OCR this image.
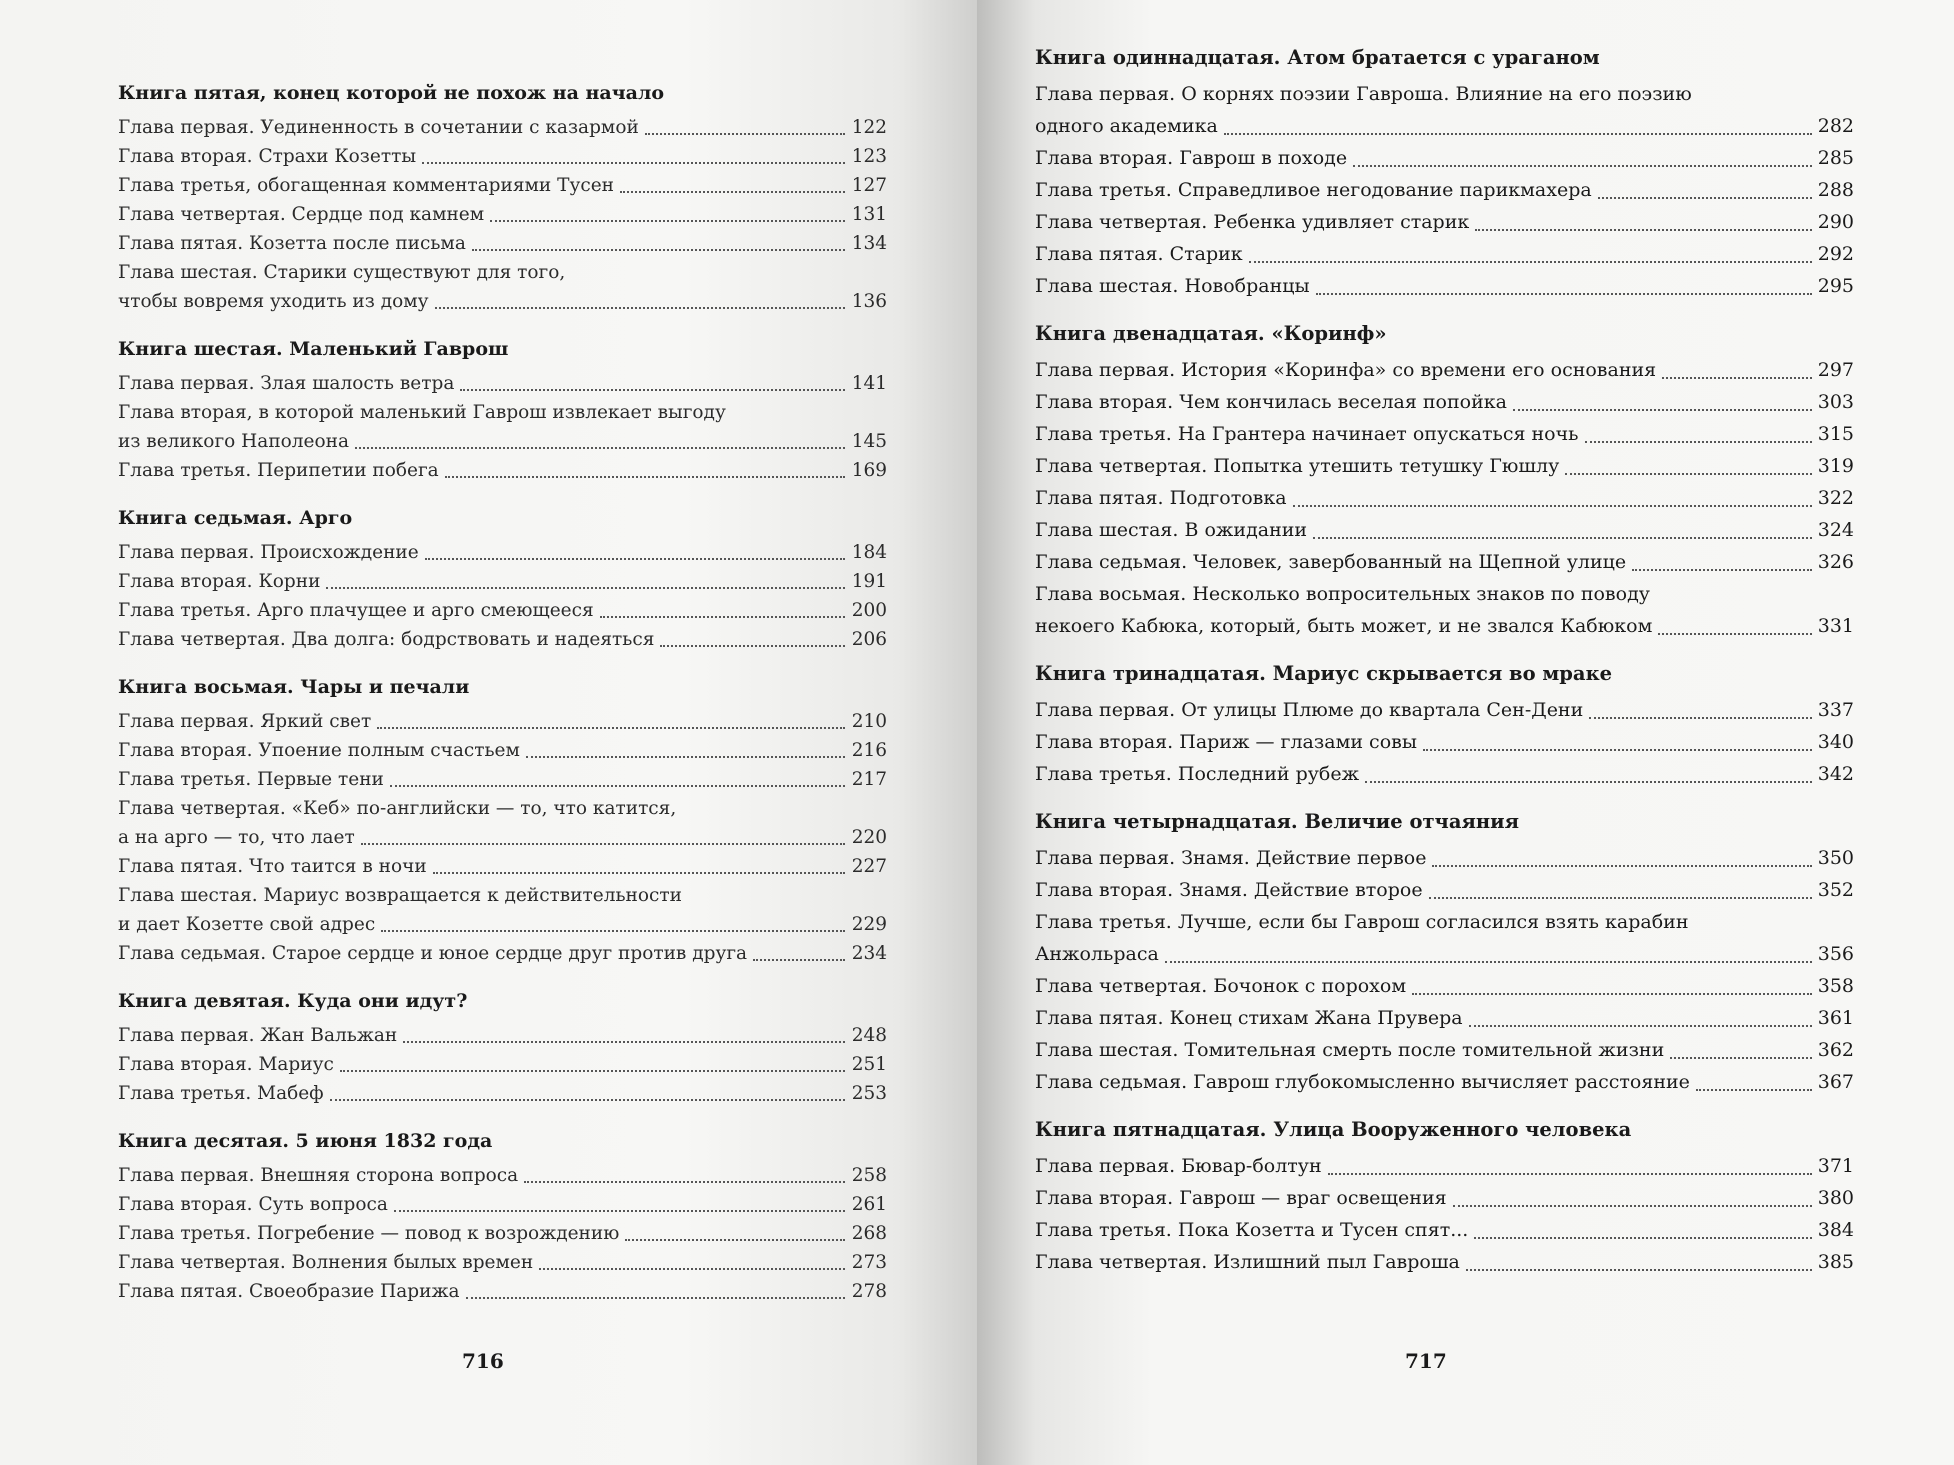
Книга пятая, конец которой не похож на начало
Глава первая. Уединенность в сочетании с казармой	122
Глава вторая. Страхи Козетты	123
Глава третья, обогащенная комментариями Тусен	127
Глава четвертая. Сердце под камнем	131
Глава пятая. Козетта после письма	134
Глава шестая. Старики существуют для того,
чтобы вовремя уходить из дому	136
Книга шестая. Маленький Гаврош
Глава первая. Злая шалость ветра	141
Глава вторая, в которой маленький Гаврош извлекает выгоду
из великого Наполеона	145
Глава третья. Перипетии побега	169
Книга седьмая. Арго
Глава первая. Происхождение	184
Глава вторая. Корни	191
Глава третья. Арго плачущее и арго смеющееся	200
Глава четвертая. Два долга: бодрствовать и надеяться	206
Книга восьмая. Чары и печали
Глава первая. Яркий свет	210
Глава вторая. Упоение полным счастьем	216
Глава третья. Первые тени	217
Глава четвертая. «Кеб» по-английски — то, что катится,
а на арго — то, что лает	220
Глава пятая. Что таится в ночи	227
Глава шестая. Мариус возвращается к действительности
и дает Козетте свой адрес	229
Глава седьмая. Старое сердце и юное сердце друг против друга	234
Книга девятая. Куда они идут?
Глава первая. Жан Вальжан	248
Глава вторая. Мариус	251
Глава третья. Мабеф	253
Книга десятая. 5 июня 1832 года
Глава первая. Внешняя сторона вопроса	258
Глава вторая. Суть вопроса	261
Глава третья. Погребение — повод к возрождению	268
Глава четвертая. Волнения былых времен	273
Глава пятая. Своеобразие Парижа	278
716
Книга одиннадцатая. Атом братается с ураганом
Глава первая. О корнях поэзии Гавроша. Влияние на его поэзию
одного академика	282
Глава вторая. Гаврош в походе	285
Глава третья. Справедливое негодование парикмахера	288
Глава четвертая. Ребенка удивляет старик	290
Глава пятая. Старик	292
Глава шестая. Новобранцы	295
Книга двенадцатая. «Коринф»
Глава первая. История «Коринфа» со времени его основания	297
Глава вторая. Чем кончилась веселая попойка	303
Глава третья. На Грантера начинает опускаться ночь	315
Глава четвертая. Попытка утешить тетушку Гюшлу	319
Глава пятая. Подготовка	322
Глава шестая. В ожидании	324
Глава седьмая. Человек, завербованный на Щепной улице	326
Глава восьмая. Несколько вопросительных знаков по поводу
некоего Кабюка, который, быть может, и не звался Кабюком	331
Книга тринадцатая. Мариус скрывается во мраке
Глава первая. От улицы Плюме до квартала Сен-Дени	337
Глава вторая. Париж — глазами совы	340
Глава третья. Последний рубеж	342
Книга четырнадцатая. Величие отчаяния
Глава первая. Знамя. Действие первое	350
Глава вторая. Знамя. Действие второе	352
Глава третья. Лучше, если бы Гаврош согласился взять карабин
Анжольраса	356
Глава четвертая. Бочонок с порохом	358
Глава пятая. Конец стихам Жана Прувера	361
Глава шестая. Томительная смерть после томительной жизни	362
Глава седьмая. Гаврош глубокомысленно вычисляет расстояние	367
Книга пятнадцатая. Улица Вооруженного человека
Глава первая. Бювар-болтун	371
Глава вторая. Гаврош — враг освещения	380
Глава третья. Пока Козетта и Тусен спят...	384
Глава четвертая. Излишний пыл Гавроша	385
717
